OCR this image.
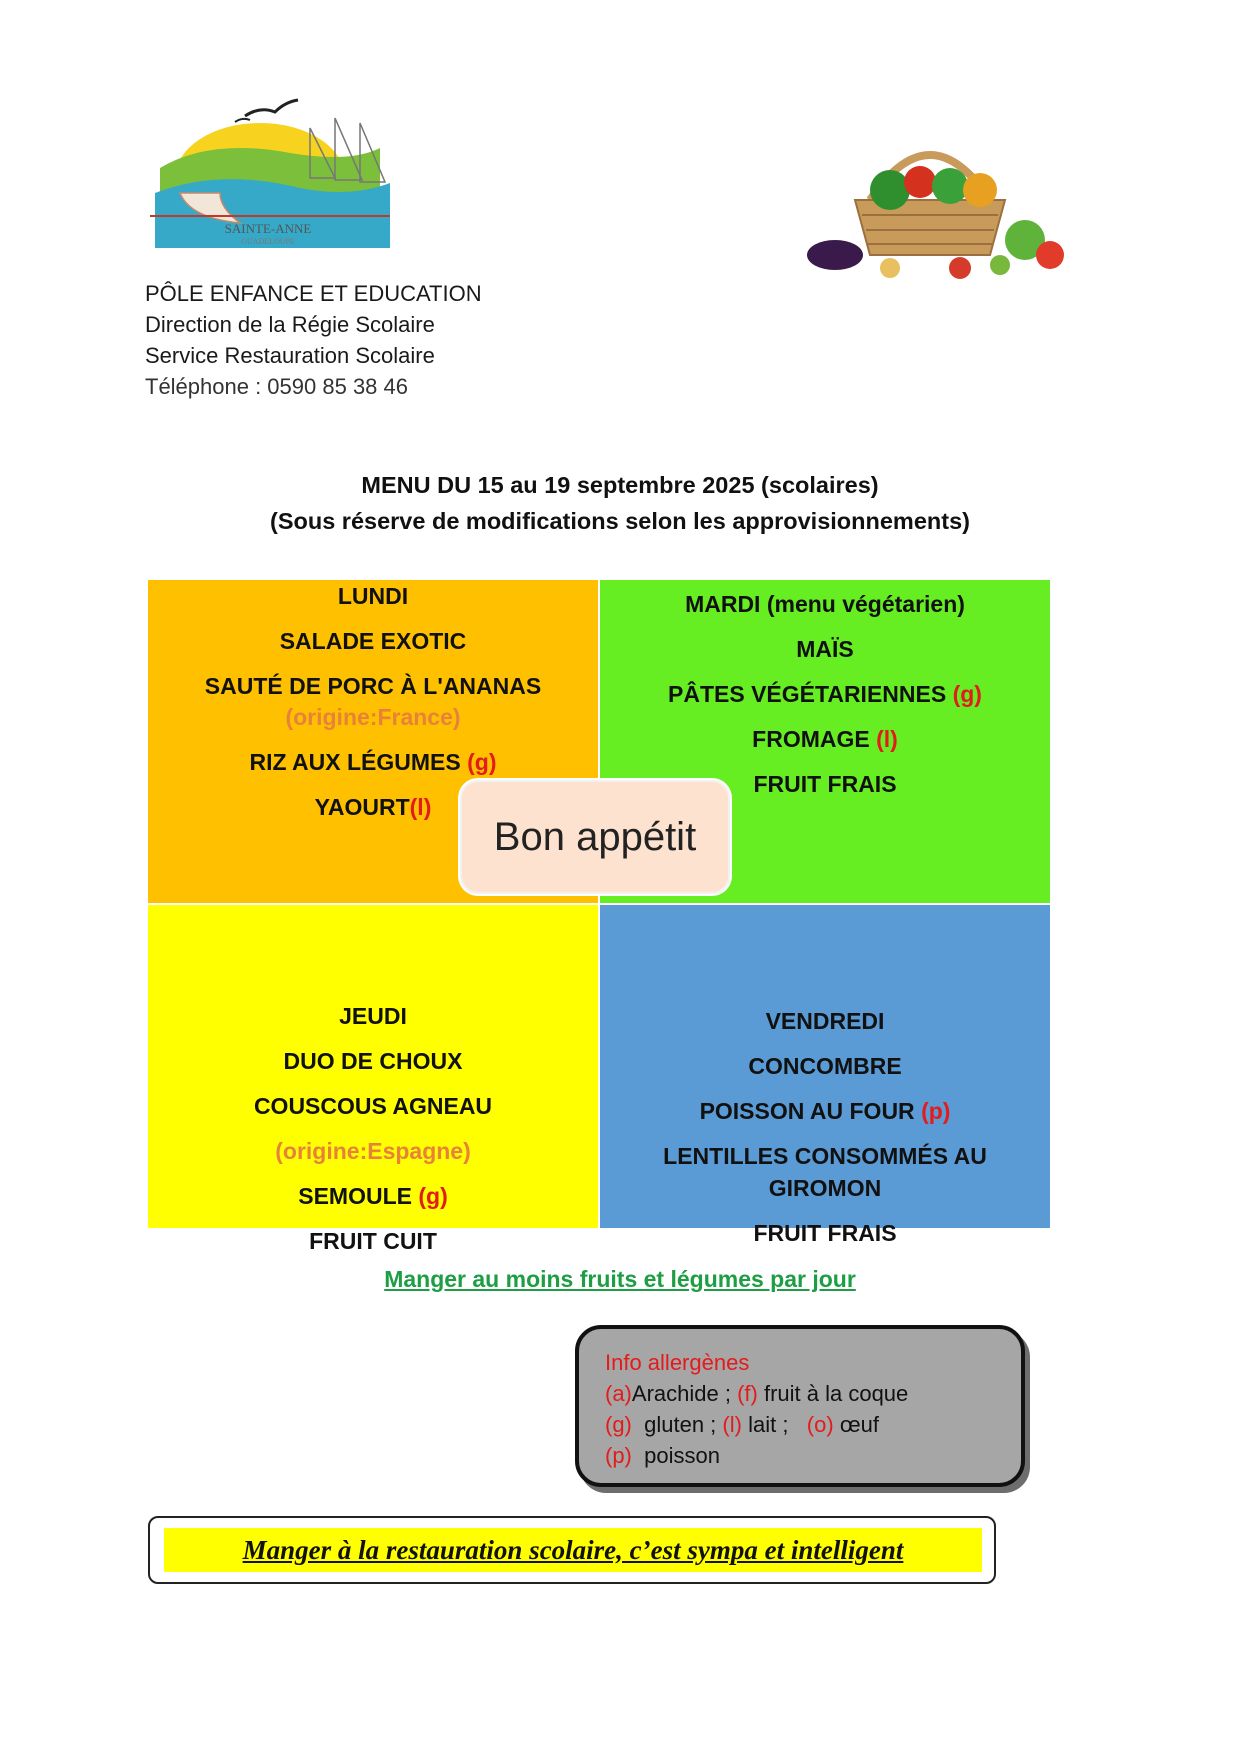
SAINTE-ANNE
GUADELOUPE
PÔLE ENFANCE ET EDUCATION
Direction de la Régie Scolaire
Service Restauration Scolaire
Téléphone : 0590 85 38 46
MENU DU 15 au 19 septembre 2025 (scolaires)
(Sous réserve de modifications selon les approvisionnements)
LUNDI
SALADE EXOTIC
SAUTÉ DE PORC À L'ANANAS
(origine:France)
RIZ AUX LÉGUMES (g)
YAOURT(l)
MARDI (menu végétarien)
MAÏS
PÂTES VÉGÉTARIENNES (g)
FROMAGE (l)
FRUIT FRAIS
JEUDI
DUO DE CHOUX
COUSCOUS AGNEAU
(origine:Espagne)
SEMOULE (g)
FRUIT CUIT
VENDREDI
CONCOMBRE
POISSON AU FOUR (p)
LENTILLES CONSOMMÉS AU
GIROMON
FRUIT FRAIS
Bon appétit
Manger au moins fruits et légumes par jour
Info allergènes
(a)Arachide ; (f) fruit à la coque
(g) gluten ; (l) lait ; (o) œuf
(p) poisson
Manger à la restauration scolaire, c’est sympa et intelligent
